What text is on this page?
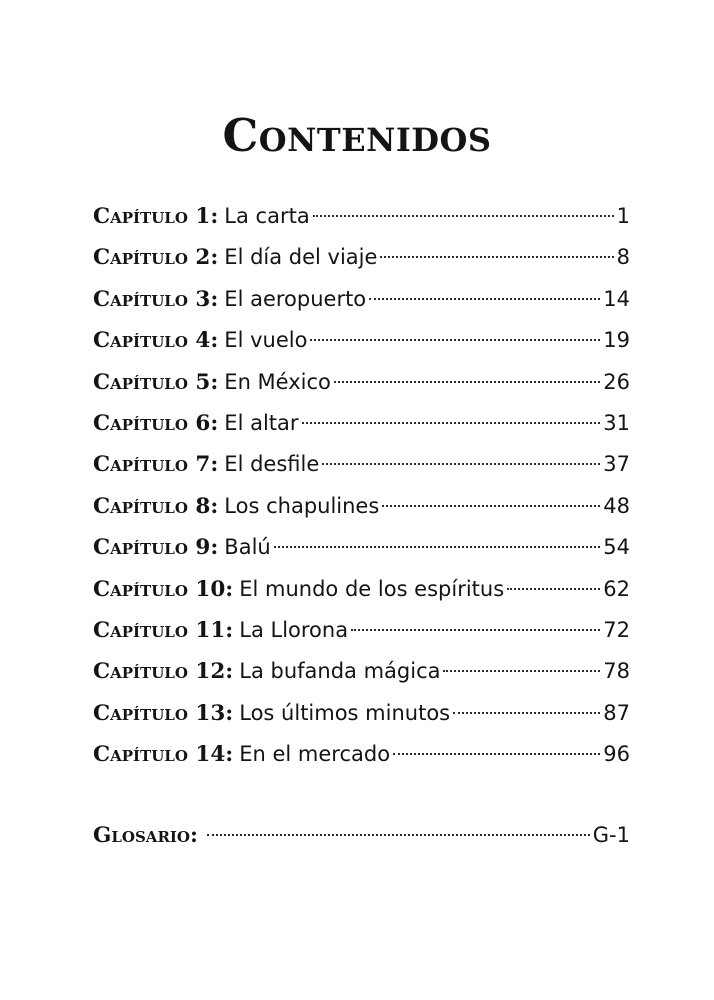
Contenidos
Capítulo 1: La carta	1
Capítulo 2: El día del viaje	8
Capítulo 3: El aeropuerto	14
Capítulo 4: El vuelo	19
Capítulo 5: En México	26
Capítulo 6: El altar	31
Capítulo 7: El desfile	37
Capítulo 8: Los chapulines	48
Capítulo 9: Balú	54
Capítulo 10: El mundo de los espíritus	62
Capítulo 11: La Llorona	72
Capítulo 12: La bufanda mágica	78
Capítulo 13: Los últimos minutos	87
Capítulo 14: En el mercado	96
Glosario:	G-1
